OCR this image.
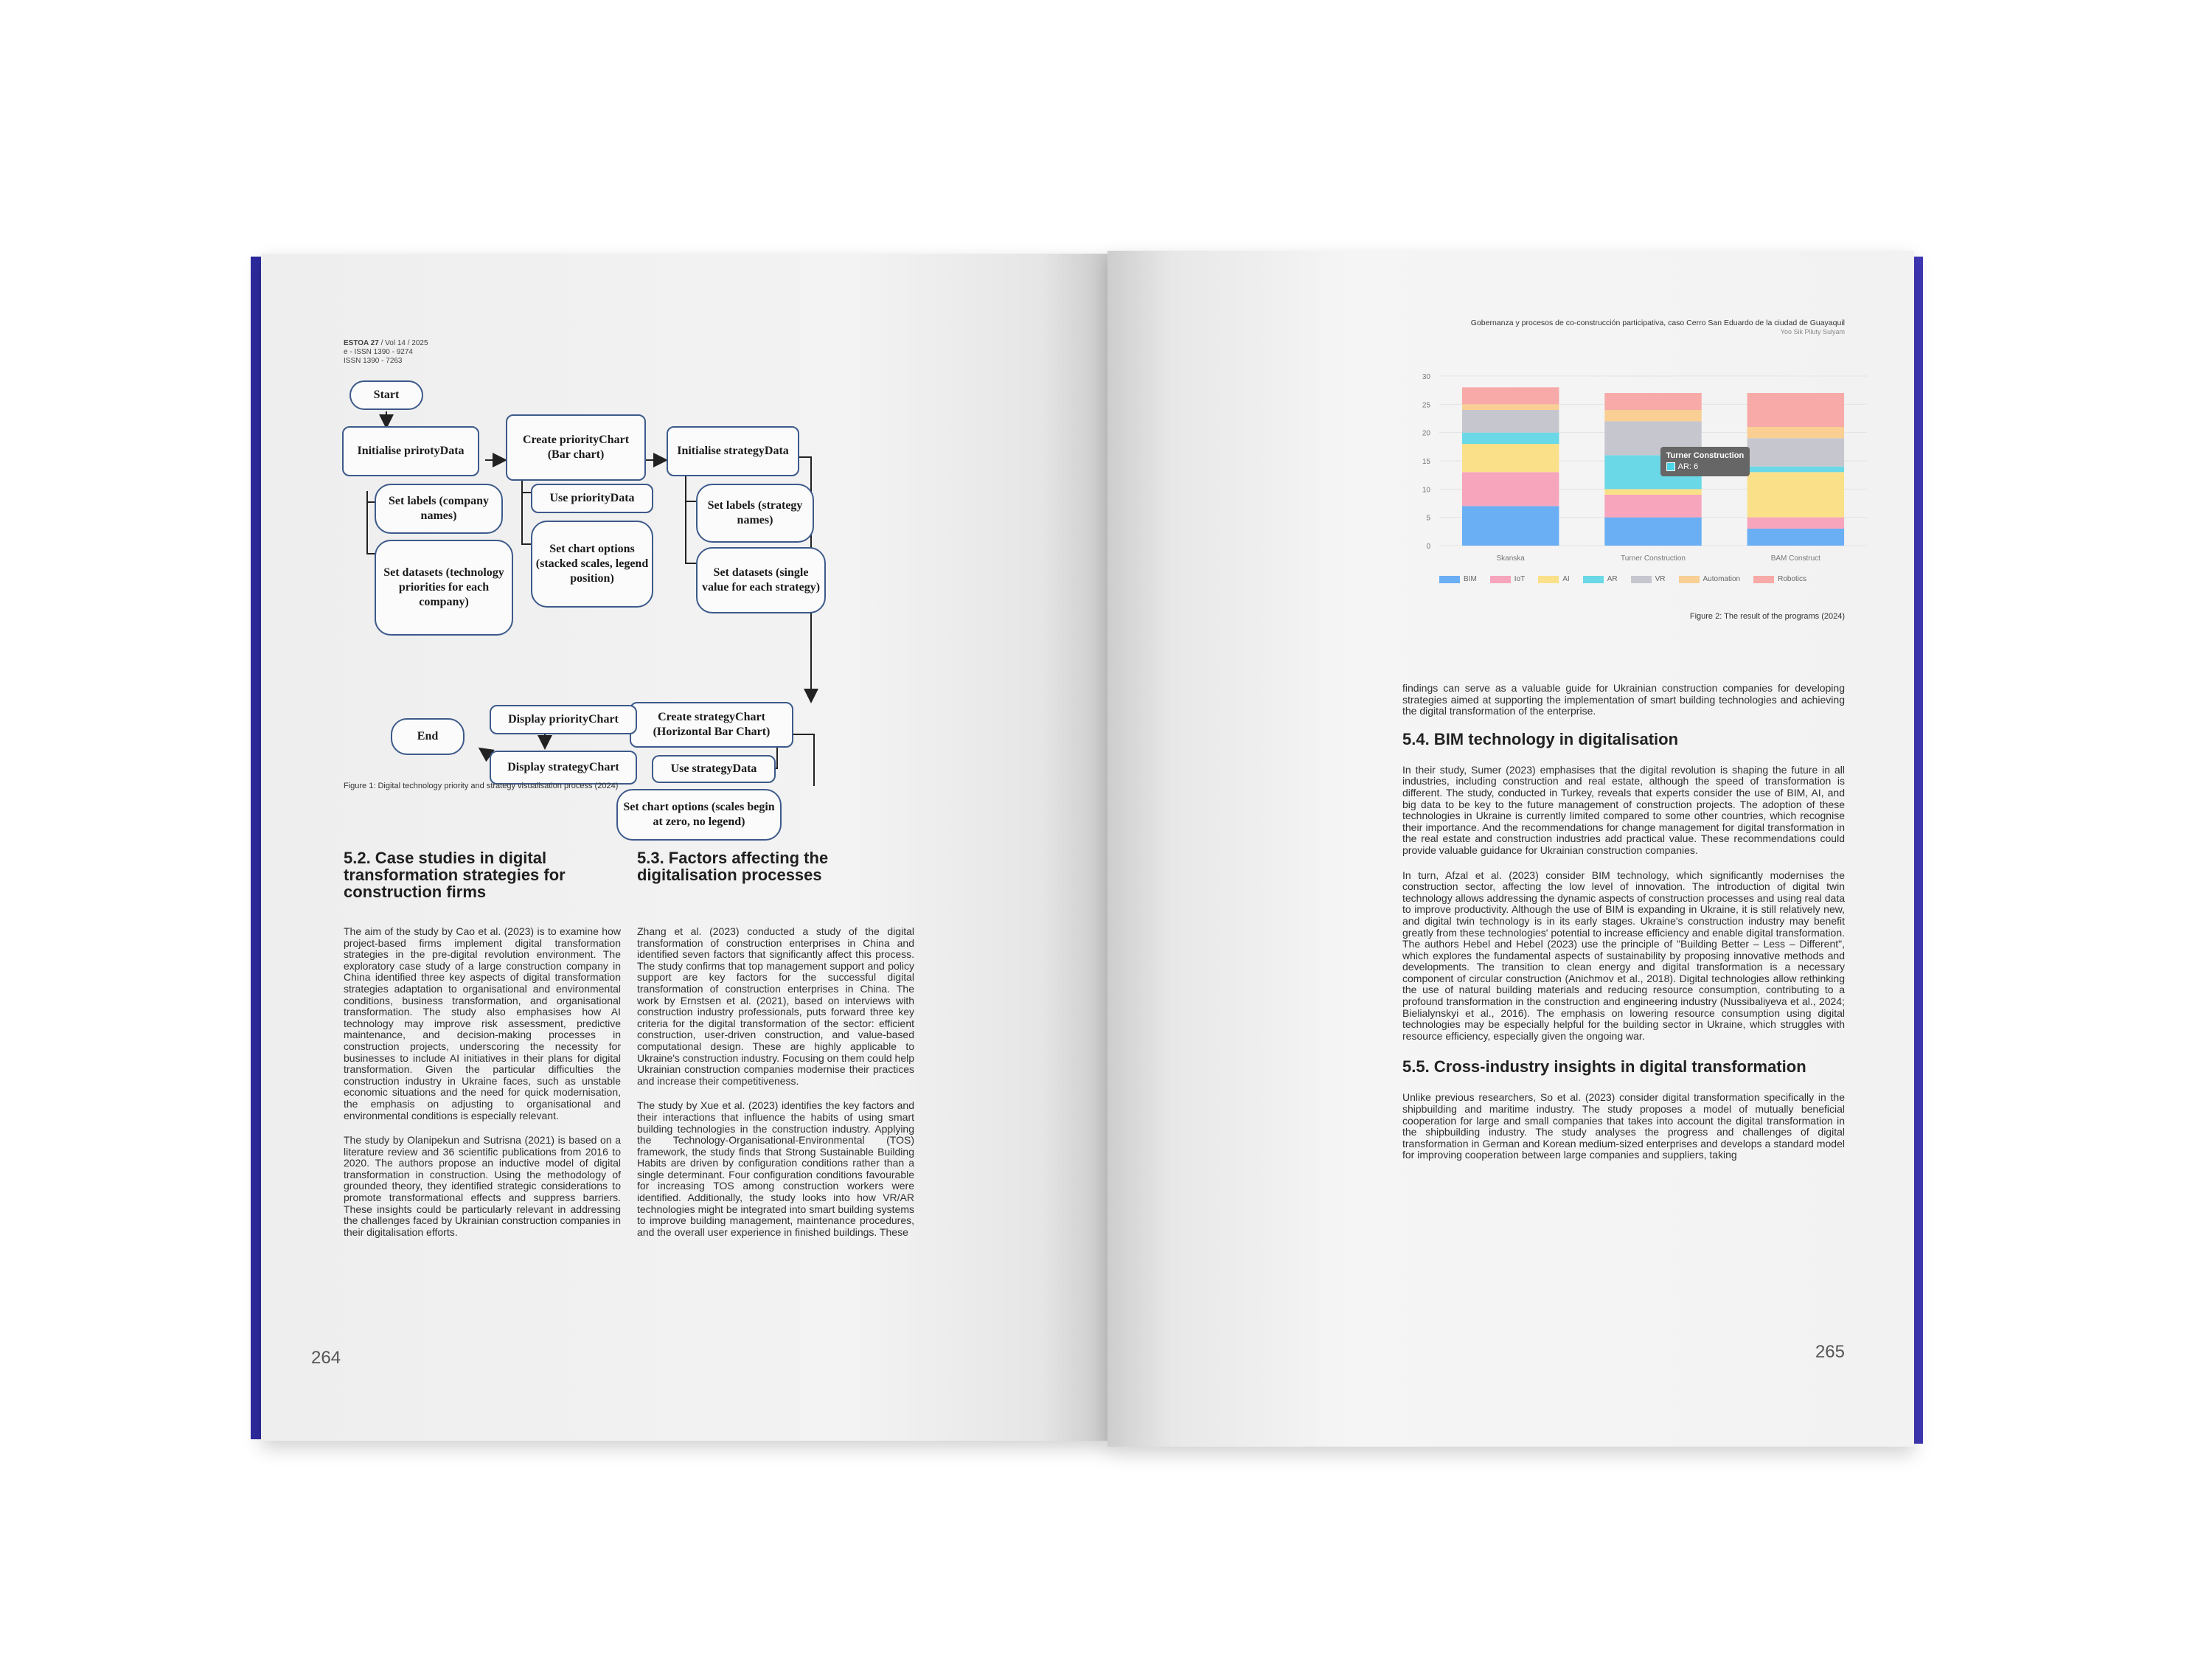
ESTOA 27 / Vol 14 / 2025
e - ISSN 1390 - 9274
ISSN 1390 - 7263
Start
Initialise prirotyData
Set labels (company names)
Set datasets (technology priorities for each company)
Create priorityChart (Bar chart)
Use priorityData
Set chart options (stacked scales, legend position)
Initialise strategyData
Set labels (strategy names)
Set datasets (single value for each strategy)
Create strategyChart (Horizontal Bar Chart)
Use strategyData
Set chart options (scales begin at zero, no legend)
Display priorityChart
Display strategyChart
End
Figure 1: Digital technology priority and strategy visualisation process (2024)
5.2. Case studies in digital transformation strategies for construction firms
5.3. Factors affecting the digitalisation processes

The aim of the study by Cao et al. (2023) is to examine how project-based firms implement digital transformation strategies in the pre-digital revolution environment. The exploratory case study of a large construction company in China identified three key aspects of digital transformation strategies adaptation to organisational and environmental conditions, business transformation, and organisational transformation. The study also emphasises how AI technology may improve risk assessment, predictive maintenance, and decision-making processes in construction projects, underscoring the necessity for businesses to include AI initiatives in their plans for digital transformation. Given the particular difficulties the construction industry in Ukraine faces, such as unstable economic situations and the need for quick modernisation, the emphasis on adjusting to organisational and environmental conditions is especially relevant.

The study by Olanipekun and Sutrisna (2021) is based on a literature review and 36 scientific publications from 2016 to 2020. The authors propose an inductive model of digital transformation in construction. Using the methodology of grounded theory, they identified strategic considerations to promote transformational effects and suppress barriers. These insights could be particularly relevant in addressing the challenges faced by Ukrainian construction companies in their digitalisation efforts.

Zhang et al. (2023) conducted a study of the digital transformation of construction enterprises in China and identified seven factors that significantly affect this process. The study confirms that top management support and policy support are key factors for the successful digital transformation of construction enterprises in China. The work by Ernstsen et al. (2021), based on interviews with construction industry professionals, puts forward three key criteria for the digital transformation of the sector: efficient construction, user-driven construction, and value-based computational design. These are highly applicable to Ukraine's construction industry. Focusing on them could help Ukrainian construction companies modernise their practices and increase their competitiveness.

The study by Xue et al. (2023) identifies the key factors and their interactions that influence the habits of using smart building technologies in the construction industry. Applying the Technology-Organisational-Environmental (TOS) framework, the study finds that Strong Sustainable Building Habits are driven by configuration conditions rather than a single determinant. Four configuration conditions favourable for increasing TOS among construction workers were identified. Additionally, the study looks into how VR/AR technologies might be integrated into smart building systems to improve building management, maintenance procedures, and the overall user experience in finished buildings. These

264
Gobernanza y procesos de co-construcción participativa, caso Cerro San Eduardo de la ciudad de Guayaquil
Yoo Sik Piluty Sulyam
0
5
10
15
20
25
30
Skanska	Turner Construction	BAM Construct
BIM	IoT	AI	AR	VR	Automation	Robotics
Turner Construction
AR: 6
Figure 2: The result of the programs (2024)

findings can serve as a valuable guide for Ukrainian construction companies for developing strategies aimed at supporting the implementation of smart building technologies and achieving the digital transformation of the enterprise.

5.4. BIM technology in digitalisation

In their study, Sumer (2023) emphasises that the digital revolution is shaping the future in all industries, including construction and real estate, although the speed of transformation is different. The study, conducted in Turkey, reveals that experts consider the use of BIM, AI, and big data to be key to the future management of construction projects. The adoption of these technologies in Ukraine is currently limited compared to some other countries, which recognise their importance. And the recommendations for change management for digital transformation in the real estate and construction industries add practical value. These recommendations could provide valuable guidance for Ukrainian construction companies.

In turn, Afzal et al. (2023) consider BIM technology, which significantly modernises the construction sector, affecting the low level of innovation. The introduction of digital twin technology allows addressing the dynamic aspects of construction processes and using real data to improve productivity. Although the use of BIM is expanding in Ukraine, it is still relatively new, and digital twin technology is in its early stages. Ukraine's construction industry may benefit greatly from these technologies' potential to increase efficiency and enable digital transformation. The authors Hebel and Hebel (2023) use the principle of "Building Better – Less – Different", which explores the fundamental aspects of sustainability by proposing innovative methods and developments. The transition to clean energy and digital transformation is a necessary component of circular construction (Anichmov et al., 2018). Digital technologies allow rethinking the use of natural building materials and reducing resource consumption, contributing to a profound transformation in the construction and engineering industry (Nussibaliyeva et al., 2024; Bielialynskyi et al., 2016). The emphasis on lowering resource consumption using digital technologies may be especially helpful for the building sector in Ukraine, which struggles with resource efficiency, especially given the ongoing war.

5.5. Cross-industry insights in digital transformation

Unlike previous researchers, So et al. (2023) consider digital transformation specifically in the shipbuilding and maritime industry. The study proposes a model of mutually beneficial cooperation for large and small companies that takes into account the digital transformation in the shipbuilding industry. The study analyses the progress and challenges of digital transformation in German and Korean medium-sized enterprises and develops a standard model for improving cooperation between large companies and suppliers, taking

265
